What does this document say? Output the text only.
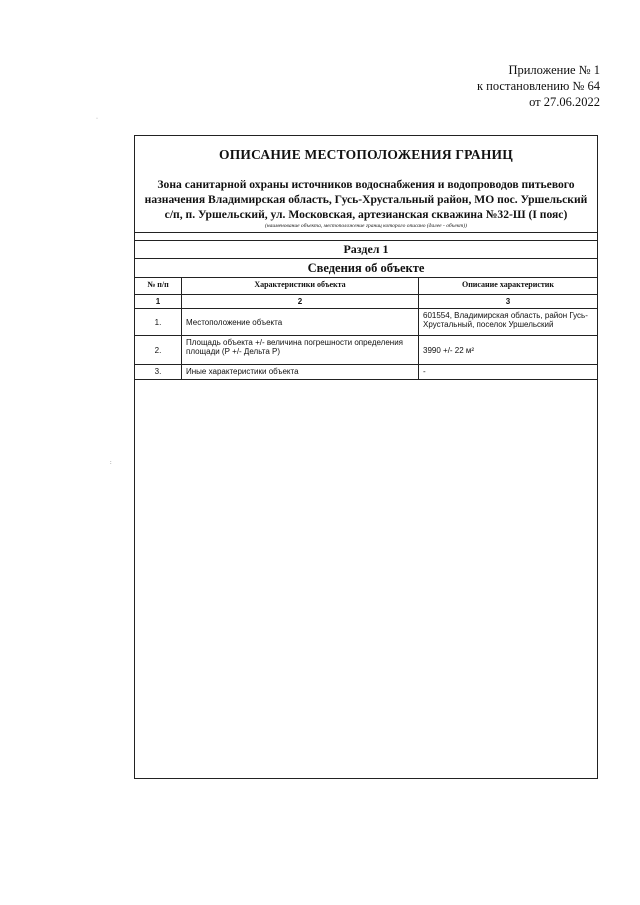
·
:
Приложение № 1
к постановлению № 64
от 27.06.2022
ОПИСАНИЕ МЕСТОПОЛОЖЕНИЯ ГРАНИЦ
Зона санитарной охраны источников водоснабжения и водопроводов питьевого назначения Владимирская область, Гусь-Хрустальный район, МО пос. Уршельский с/п, п. Уршельский, ул. Московская, артезианская скважина №32-Ш (I пояс)
(наименование объекта, местоположение границ которого описано (далее - объект))
Раздел 1
Сведения об объекте
№ п/п	Характеристики объекта	Описание характеристик
1	2	3
1.	Местоположение объекта	601554, Владимирская область, район Гусь-Хрустальный, поселок Уршельский
2.	Площадь объекта +/- величина погрешности определения площади (Р +/- Дельта Р)	3990 +/- 22 м²
3.	Иные характеристики объекта	-
